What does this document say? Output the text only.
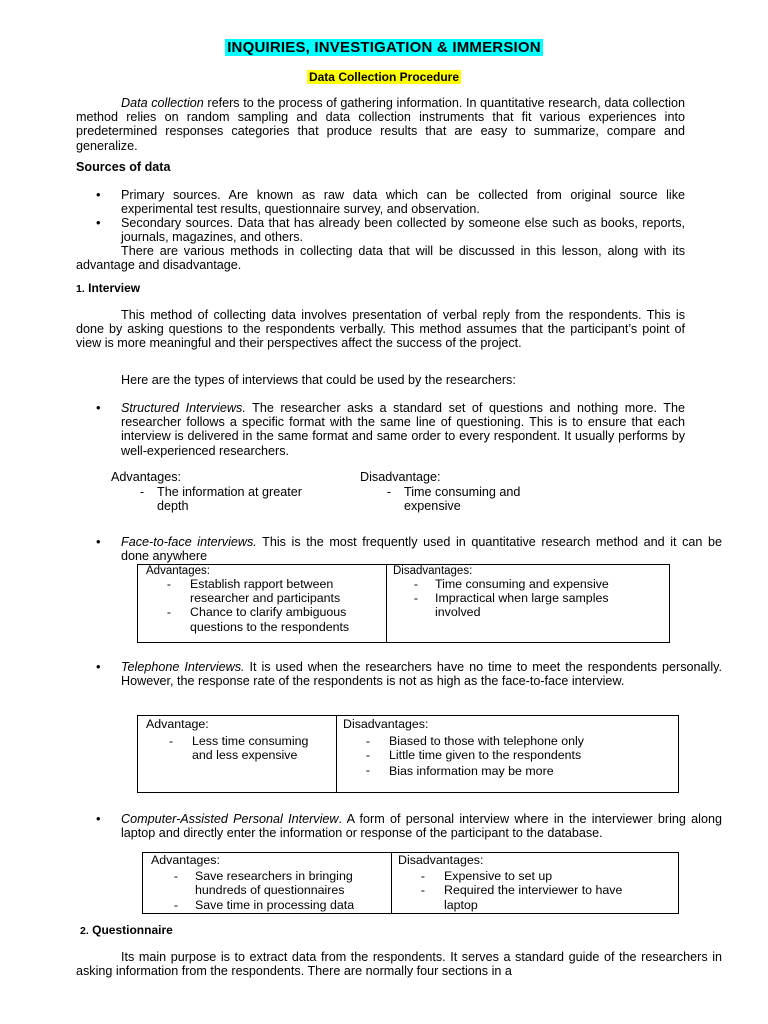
INQUIRIES, INVESTIGATION & IMMERSION
Data Collection Procedure
Data collection refers to the process of gathering information. In quantitative research, data collection method relies on random sampling and data collection instruments that fit various experiences into predetermined responses categories that produce results that are easy to summarize, compare and generalize.
Sources of data
• Primary sources. Are known as raw data which can be collected from original source like experimental test results, questionnaire survey, and observation.
• Secondary sources. Data that has already been collected by someone else such as books, reports, journals, magazines, and others.
There are various methods in collecting data that will be discussed in this lesson, along with its advantage and disadvantage.
1. Interview
This method of collecting data involves presentation of verbal reply from the respondents. This is done by asking questions to the respondents verbally. This method assumes that the participant’s point of view is more meaningful and their perspectives affect the success of the project.
Here are the types of interviews that could be used by the researchers:
• Structured Interviews. The researcher asks a standard set of questions and nothing more. The researcher follows a specific format with the same line of questioning. This is to ensure that each interview is delivered in the same format and same order to every respondent. It usually performs by well-experienced researchers.
Advantages:
-	The information at greater depth
Disadvantage:
-	Time consuming and expensive
• Face-to-face interviews. This is the most frequently used in quantitative research method and it can be done anywhere
Advantages:
-	Establish rapport between researcher and participants
-	Chance to clarify ambiguous questions to the respondents

Disadvantages:
-	Time consuming and expensive
-	Impractical when large samples involved
• Telephone Interviews. It is used when the researchers have no time to meet the respondents personally. However, the response rate of the respondents is not as high as the face-to-face interview.
Advantage:
-	Less time consuming and less expensive

Disadvantages:
-	Biased to those with telephone only
-	Little time given to the respondents
-	Bias information may be more
• Computer-Assisted Personal Interview. A form of personal interview where in the interviewer bring along laptop and directly enter the information or response of the participant to the database.
Advantages:
-	Save researchers in bringing hundreds of questionnaires
-	Save time in processing data

Disadvantages:
-	Expensive to set up
-	Required the interviewer to have laptop
2. Questionnaire
Its main purpose is to extract data from the respondents. It serves a standard guide of the researchers in asking information from the respondents. There are normally four sections in a
